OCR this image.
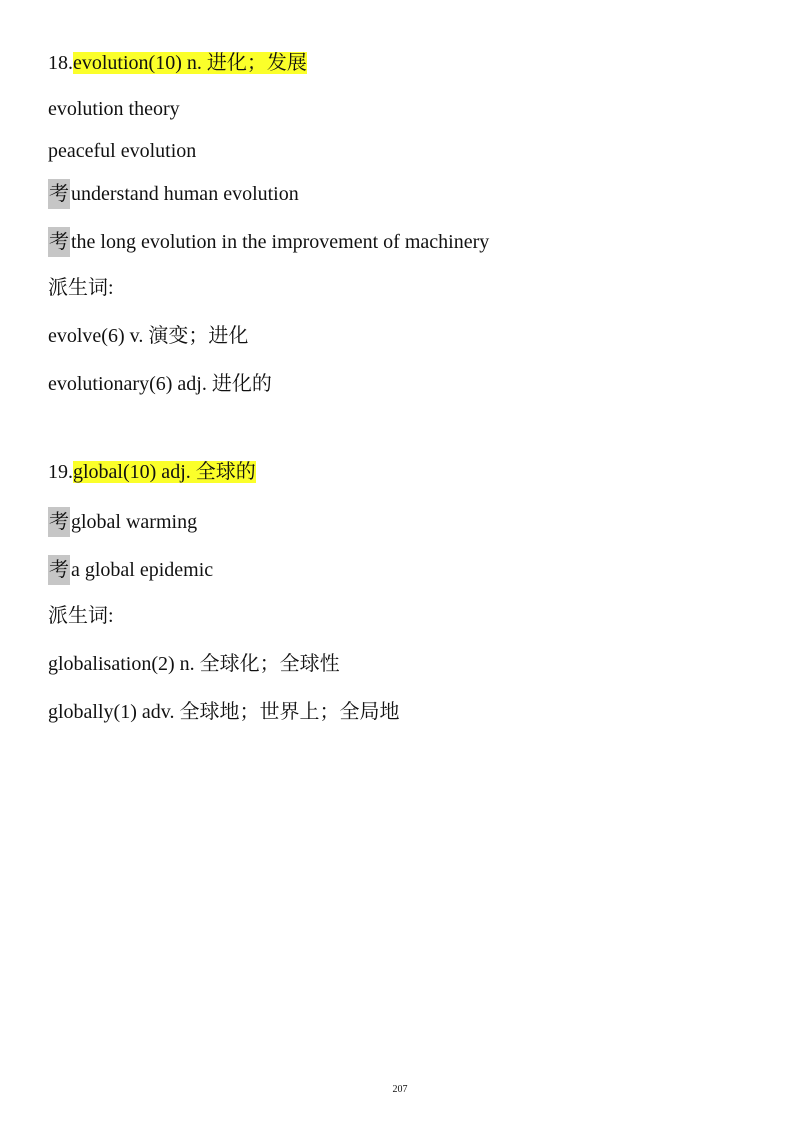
18.evolution(10) n. 进化；发展
evolution theory
peaceful evolution
考 understand human evolution
考 the long evolution in the improvement of machinery
派生词:
evolve(6) v. 演变；进化
evolutionary(6) adj. 进化的
19.global(10) adj. 全球的
考 global warming
考 a global epidemic
派生词:
globalisation(2) n. 全球化；全球性
globally(1) adv. 全球地；世界上；全局地
207
